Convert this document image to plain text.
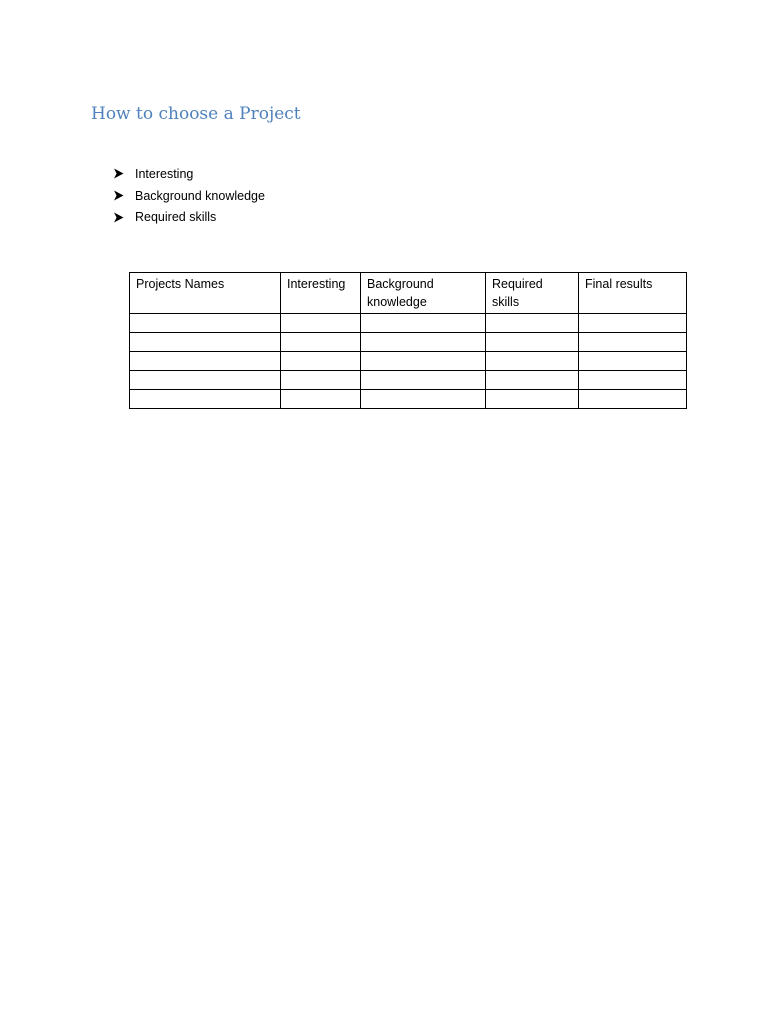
How to choose a Project
Interesting
Background knowledge
Required skills
Projects Names	Interesting	Background knowledge	Required skills	Final results
